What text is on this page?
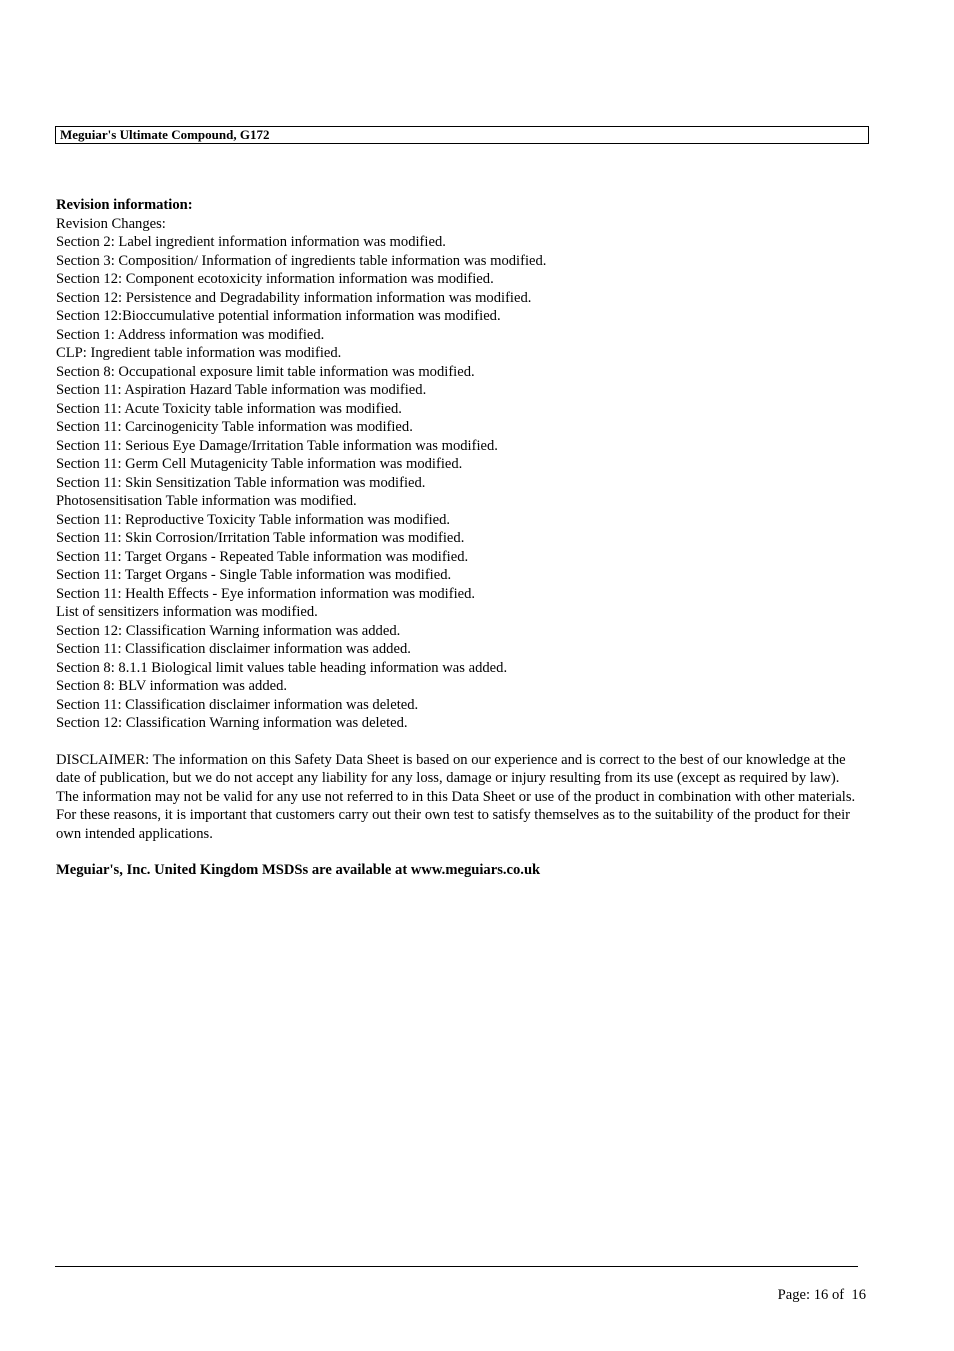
Meguiar's Ultimate Compound, G172

Revision information:

Revision Changes:
Section 2: Label ingredient information information was modified.
Section 3: Composition/ Information of ingredients table information was modified.
Section 12: Component ecotoxicity information information was modified.
Section 12: Persistence and Degradability information information was modified.
Section 12:Bioccumulative potential information information was modified.
Section 1: Address information was modified.
CLP: Ingredient table information was modified.
Section 8: Occupational exposure limit table information was modified.
Section 11: Aspiration Hazard Table information was modified.
Section 11: Acute Toxicity table information was modified.
Section 11: Carcinogenicity Table information was modified.
Section 11: Serious Eye Damage/Irritation Table information was modified.
Section 11: Germ Cell Mutagenicity Table information was modified.
Section 11: Skin Sensitization Table information was modified.
Photosensitisation Table information was modified.
Section 11: Reproductive Toxicity Table information was modified.
Section 11: Skin Corrosion/Irritation Table information was modified.
Section 11: Target Organs - Repeated Table information was modified.
Section 11: Target Organs - Single Table information was modified.
Section 11: Health Effects - Eye information information was modified.
List of sensitizers information was modified.
Section 12: Classification Warning information was added.
Section 11: Classification disclaimer information was added.
Section 8: 8.1.1 Biological limit values table heading information was added.
Section 8: BLV information was added.
Section 11: Classification disclaimer information was deleted.
Section 12: Classification Warning information was deleted.

DISCLAIMER: The information on this Safety Data Sheet is based on our experience and is correct to the best of our knowledge at the date of publication, but we do not accept any liability for any loss, damage or injury resulting from its use (except as required by law). The information may not be valid for any use not referred to in this Data Sheet or use of the product in combination with other materials. For these reasons, it is important that customers carry out their own test to satisfy themselves as to the suitability of the product for their own intended applications.

Meguiar's, Inc. United Kingdom MSDSs are available at www.meguiars.co.uk

Page: 16 of  16
